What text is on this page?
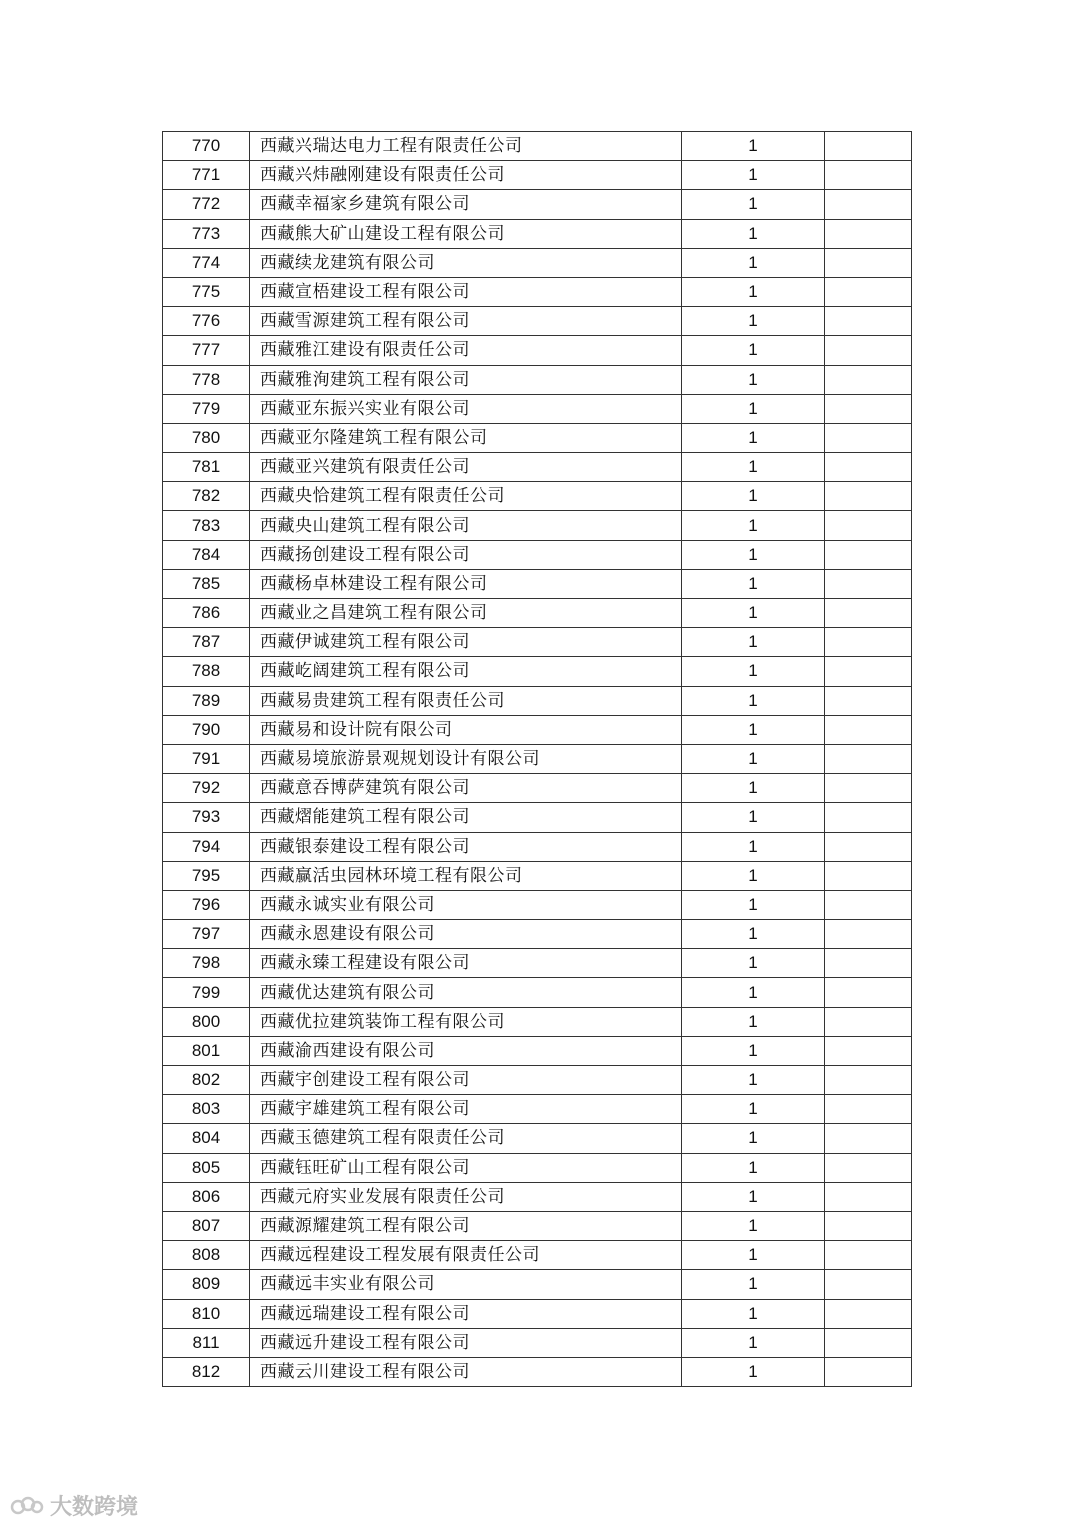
770	西藏兴瑞达电力工程有限责任公司	1	
771	西藏兴炜融刚建设有限责任公司	1	
772	西藏幸福家乡建筑有限公司	1	
773	西藏熊大矿山建设工程有限公司	1	
774	西藏续龙建筑有限公司	1	
775	西藏宣梧建设工程有限公司	1	
776	西藏雪源建筑工程有限公司	1	
777	西藏雅江建设有限责任公司	1	
778	西藏雅洵建筑工程有限公司	1	
779	西藏亚东振兴实业有限公司	1	
780	西藏亚尔隆建筑工程有限公司	1	
781	西藏亚兴建筑有限责任公司	1	
782	西藏央恰建筑工程有限责任公司	1	
783	西藏央山建筑工程有限公司	1	
784	西藏扬创建设工程有限公司	1	
785	西藏杨卓林建设工程有限公司	1	
786	西藏业之昌建筑工程有限公司	1	
787	西藏伊诚建筑工程有限公司	1	
788	西藏屹阔建筑工程有限公司	1	
789	西藏易贵建筑工程有限责任公司	1	
790	西藏易和设计院有限公司	1	
791	西藏易境旅游景观规划设计有限公司	1	
792	西藏意吞博萨建筑有限公司	1	
793	西藏熠能建筑工程有限公司	1	
794	西藏银泰建设工程有限公司	1	
795	西藏赢活虫园林环境工程有限公司	1	
796	西藏永诚实业有限公司	1	
797	西藏永恩建设有限公司	1	
798	西藏永臻工程建设有限公司	1	
799	西藏优达建筑有限公司	1	
800	西藏优拉建筑装饰工程有限公司	1	
801	西藏渝西建设有限公司	1	
802	西藏宇创建设工程有限公司	1	
803	西藏宇雄建筑工程有限公司	1	
804	西藏玉德建筑工程有限责任公司	1	
805	西藏钰旺矿山工程有限公司	1	
806	西藏元府实业发展有限责任公司	1	
807	西藏源耀建筑工程有限公司	1	
808	西藏远程建设工程发展有限责任公司	1	
809	西藏远丰实业有限公司	1	
810	西藏远瑞建设工程有限公司	1	
811	西藏远升建设工程有限公司	1	
812	西藏云川建设工程有限公司	1	
大数跨境
